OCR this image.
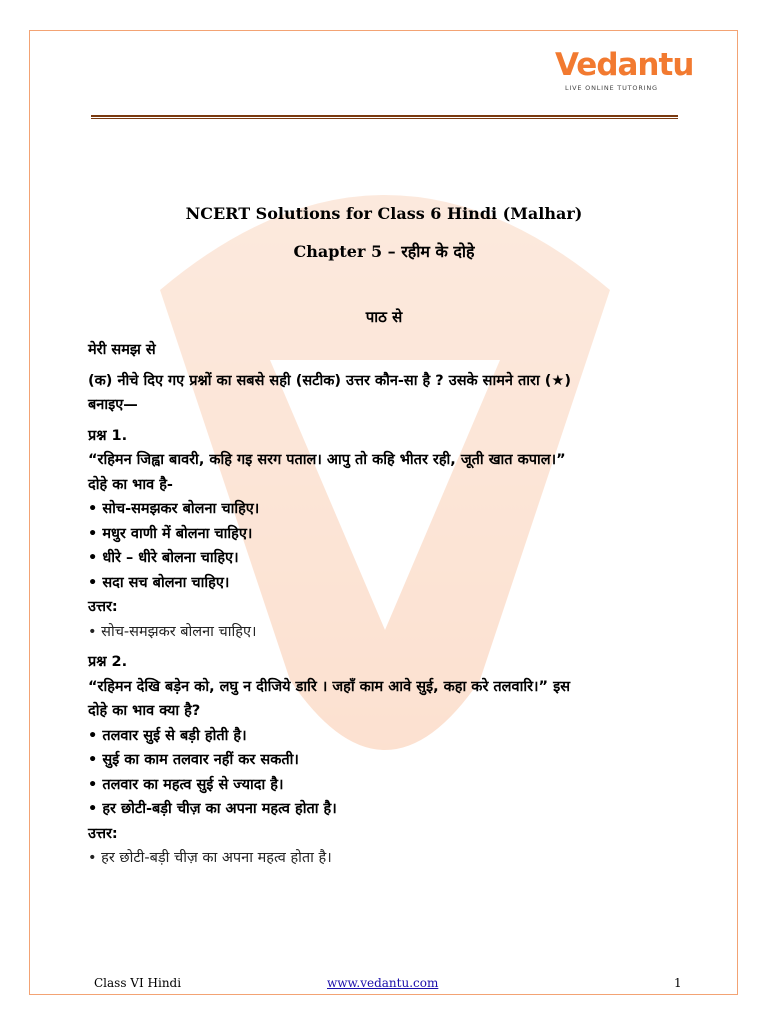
Vedantu
LIVE ONLINE TUTORING
NCERT Solutions for Class 6 Hindi (Malhar)
Chapter 5 – रहीम के दोहे
पाठ से
मेरी समझ से
(क) नीचे दिए गए प्रश्नों का सबसे सही (सटीक) उत्तर कौन-सा है ? उसके सामने तारा (★)
बनाइए—
प्रश्न 1.
“रहिमन जिह्वा बावरी, कहि गइ सरग पताल। आपु तो कहि भीतर रही, जूती खात कपाल।”
दोहे का भाव है-
• सोच-समझकर बोलना चाहिए।
• मधुर वाणी में बोलना चाहिए।
• धीरे – धीरे बोलना चाहिए।
• सदा सच बोलना चाहिए।
उत्तर:
• सोच-समझकर बोलना चाहिए।
प्रश्न 2.
“रहिमन देखि बड़ेन को, लघु न दीजिये डारि । जहाँ काम आवे सुई, कहा करे तलवारि।” इस
दोहे का भाव क्या है?
• तलवार सुई से बड़ी होती है।
• सुई का काम तलवार नहीं कर सकती।
• तलवार का महत्व सुई से ज्यादा है।
• हर छोटी-बड़ी चीज़ का अपना महत्व होता है।
उत्तर:
• हर छोटी-बड़ी चीज़ का अपना महत्व होता है।
Class VI Hindi	www.vedantu.com	1
